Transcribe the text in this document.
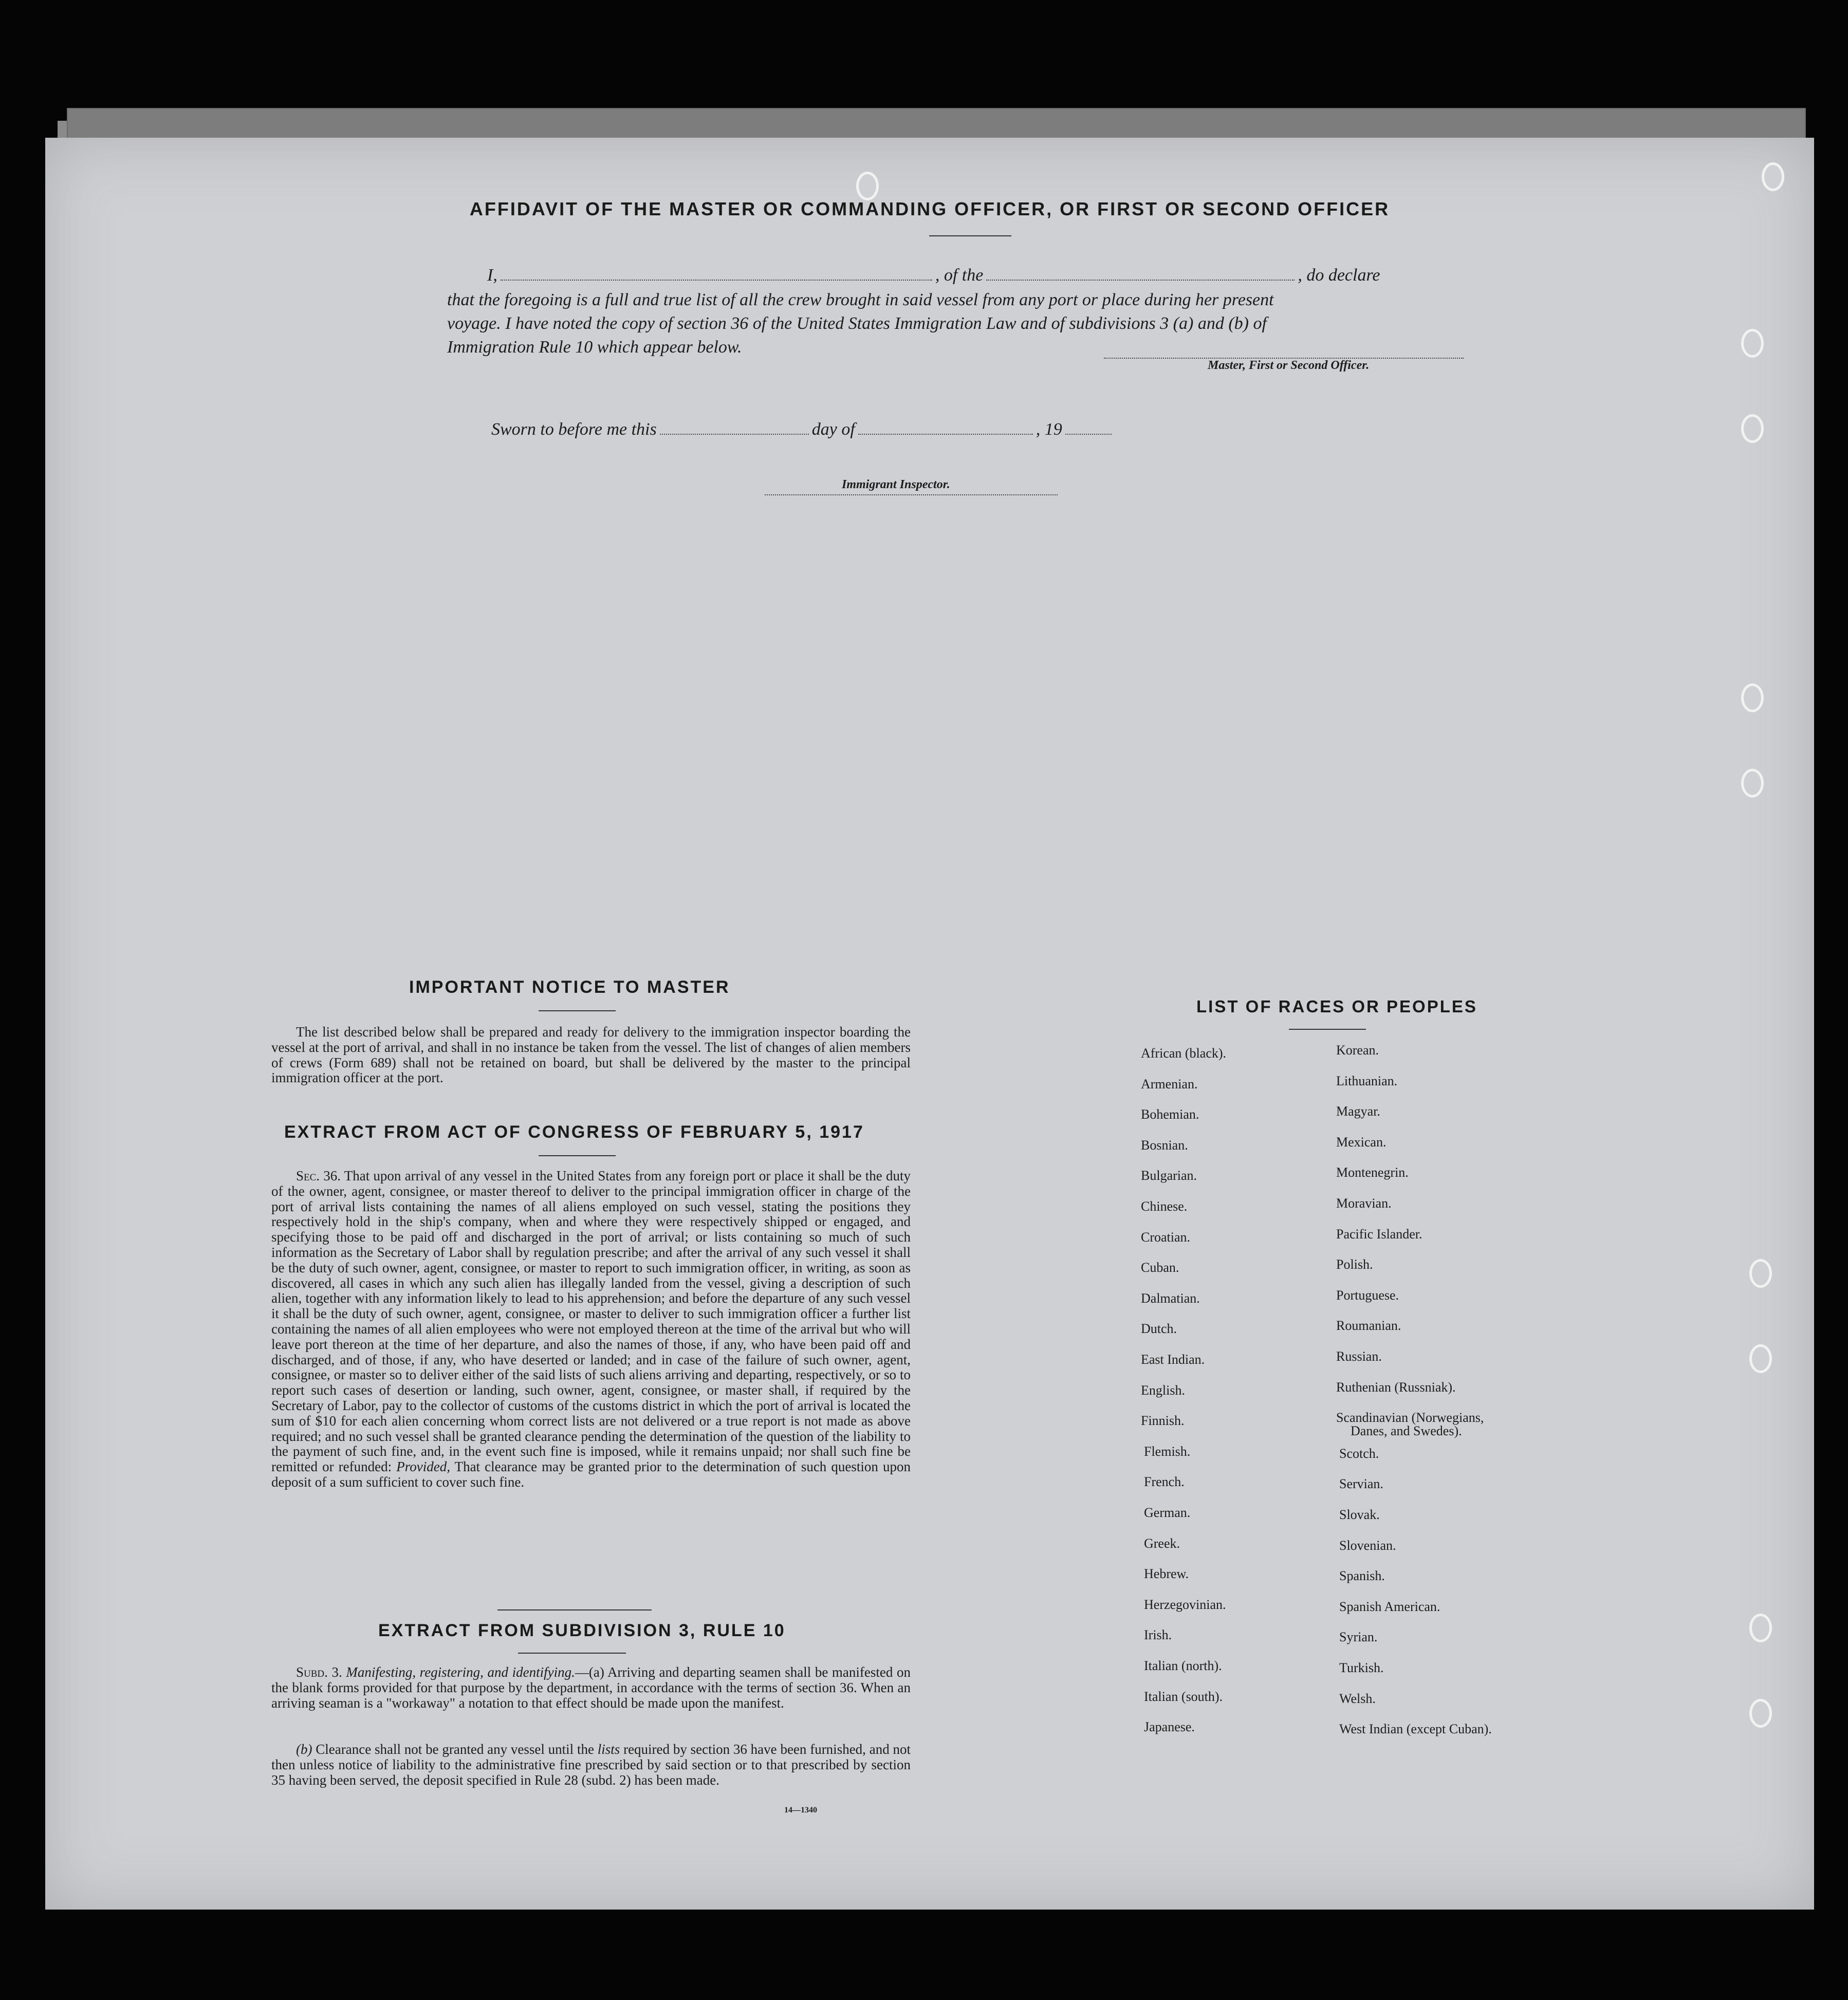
AFFIDAVIT OF THE MASTER OR COMMANDING OFFICER, OR FIRST OR SECOND OFFICER
I,	, of the	, do declare
that the foregoing is a full and true list of all the crew brought in said vessel from any port or place during her present
voyage. I have noted the copy of section 36 of the United States Immigration Law and of subdivisions 3 (a) and (b) of
Immigration Rule 10 which appear below.
Master, First or Second Officer.
Sworn to before me this	day of	, 19
Immigrant Inspector.
IMPORTANT NOTICE TO MASTER
The list described below shall be prepared and ready for delivery to the immigration inspector boarding the vessel at the port of arrival, and shall in no instance be taken from the vessel. The list of changes of alien members of crews (Form 689) shall not be retained on board, but shall be delivered by the master to the principal immigration officer at the port.
EXTRACT FROM ACT OF CONGRESS OF FEBRUARY 5, 1917
Sec. 36. That upon arrival of any vessel in the United States from any foreign port or place it shall be the duty of the owner, agent, consignee, or master thereof to deliver to the principal immigration officer in charge of the port of arrival lists containing the names of all aliens employed on such vessel, stating the positions they respectively hold in the ship's company, when and where they were respectively shipped or engaged, and specifying those to be paid off and discharged in the port of arrival; or lists containing so much of such information as the Secretary of Labor shall by regulation prescribe; and after the arrival of any such vessel it shall be the duty of such owner, agent, consignee, or master to report to such immigration officer, in writing, as soon as discovered, all cases in which any such alien has illegally landed from the vessel, giving a description of such alien, together with any information likely to lead to his apprehension; and before the departure of any such vessel it shall be the duty of such owner, agent, consignee, or master to deliver to such immigration officer a further list containing the names of all alien employees who were not employed thereon at the time of the arrival but who will leave port thereon at the time of her departure, and also the names of those, if any, who have been paid off and discharged, and of those, if any, who have deserted or landed; and in case of the failure of such owner, agent, consignee, or master so to deliver either of the said lists of such aliens arriving and departing, respectively, or so to report such cases of desertion or landing, such owner, agent, consignee, or master shall, if required by the Secretary of Labor, pay to the collector of customs of the customs district in which the port of arrival is located the sum of $10 for each alien concerning whom correct lists are not delivered or a true report is not made as above required; and no such vessel shall be granted clearance pending the determination of the question of the liability to the payment of such fine, and, in the event such fine is imposed, while it remains unpaid; nor shall such fine be remitted or refunded: Provided, That clearance may be granted prior to the determination of such question upon deposit of a sum sufficient to cover such fine.
EXTRACT FROM SUBDIVISION 3, RULE 10
Subd. 3. Manifesting, registering, and identifying.—(a) Arriving and departing seamen shall be manifested on the blank forms provided for that purpose by the department, in accordance with the terms of section 36. When an arriving seaman is a "workaway" a notation to that effect should be made upon the manifest.
(b) Clearance shall not be granted any vessel until the lists required by section 36 have been furnished, and not then unless notice of liability to the administrative fine prescribed by said section or to that prescribed by section 35 having been served, the deposit specified in Rule 28 (subd. 2) has been made.
14—1340
LIST OF RACES OR PEOPLES
African (black).
Armenian.
Bohemian.
Bosnian.
Bulgarian.
Chinese.
Croatian.
Cuban.
Dalmatian.
Dutch.
East Indian.
English.
Finnish.
Flemish.
French.
German.
Greek.
Hebrew.
Herzegovinian.
Irish.
Italian (north).
Italian (south).
Japanese.
Korean.
Lithuanian.
Magyar.
Mexican.
Montenegrin.
Moravian.
Pacific Islander.
Polish.
Portuguese.
Roumanian.
Russian.
Ruthenian (Russniak).
Scandinavian (Norwegians,
Scotch.
Servian.
Slovak.
Slovenian.
Spanish.
Spanish American.
Syrian.
Turkish.
Welsh.
West Indian (except Cuban).
Danes, and Swedes).
